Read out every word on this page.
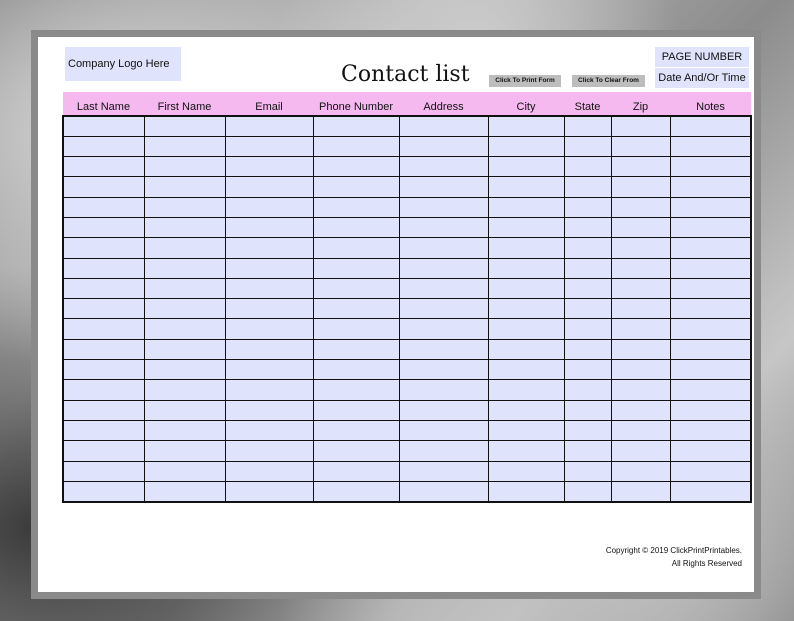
Company Logo Here	Contact list	Click To Print Form	Click To Clear From
PAGE NUMBER
Date And/Or Time
Last Name	First Name	Email	Phone Number	Address	City	State	Zip	Notes

Copyright © 2019 ClickPrintPrintables.
All Rights Reserved
